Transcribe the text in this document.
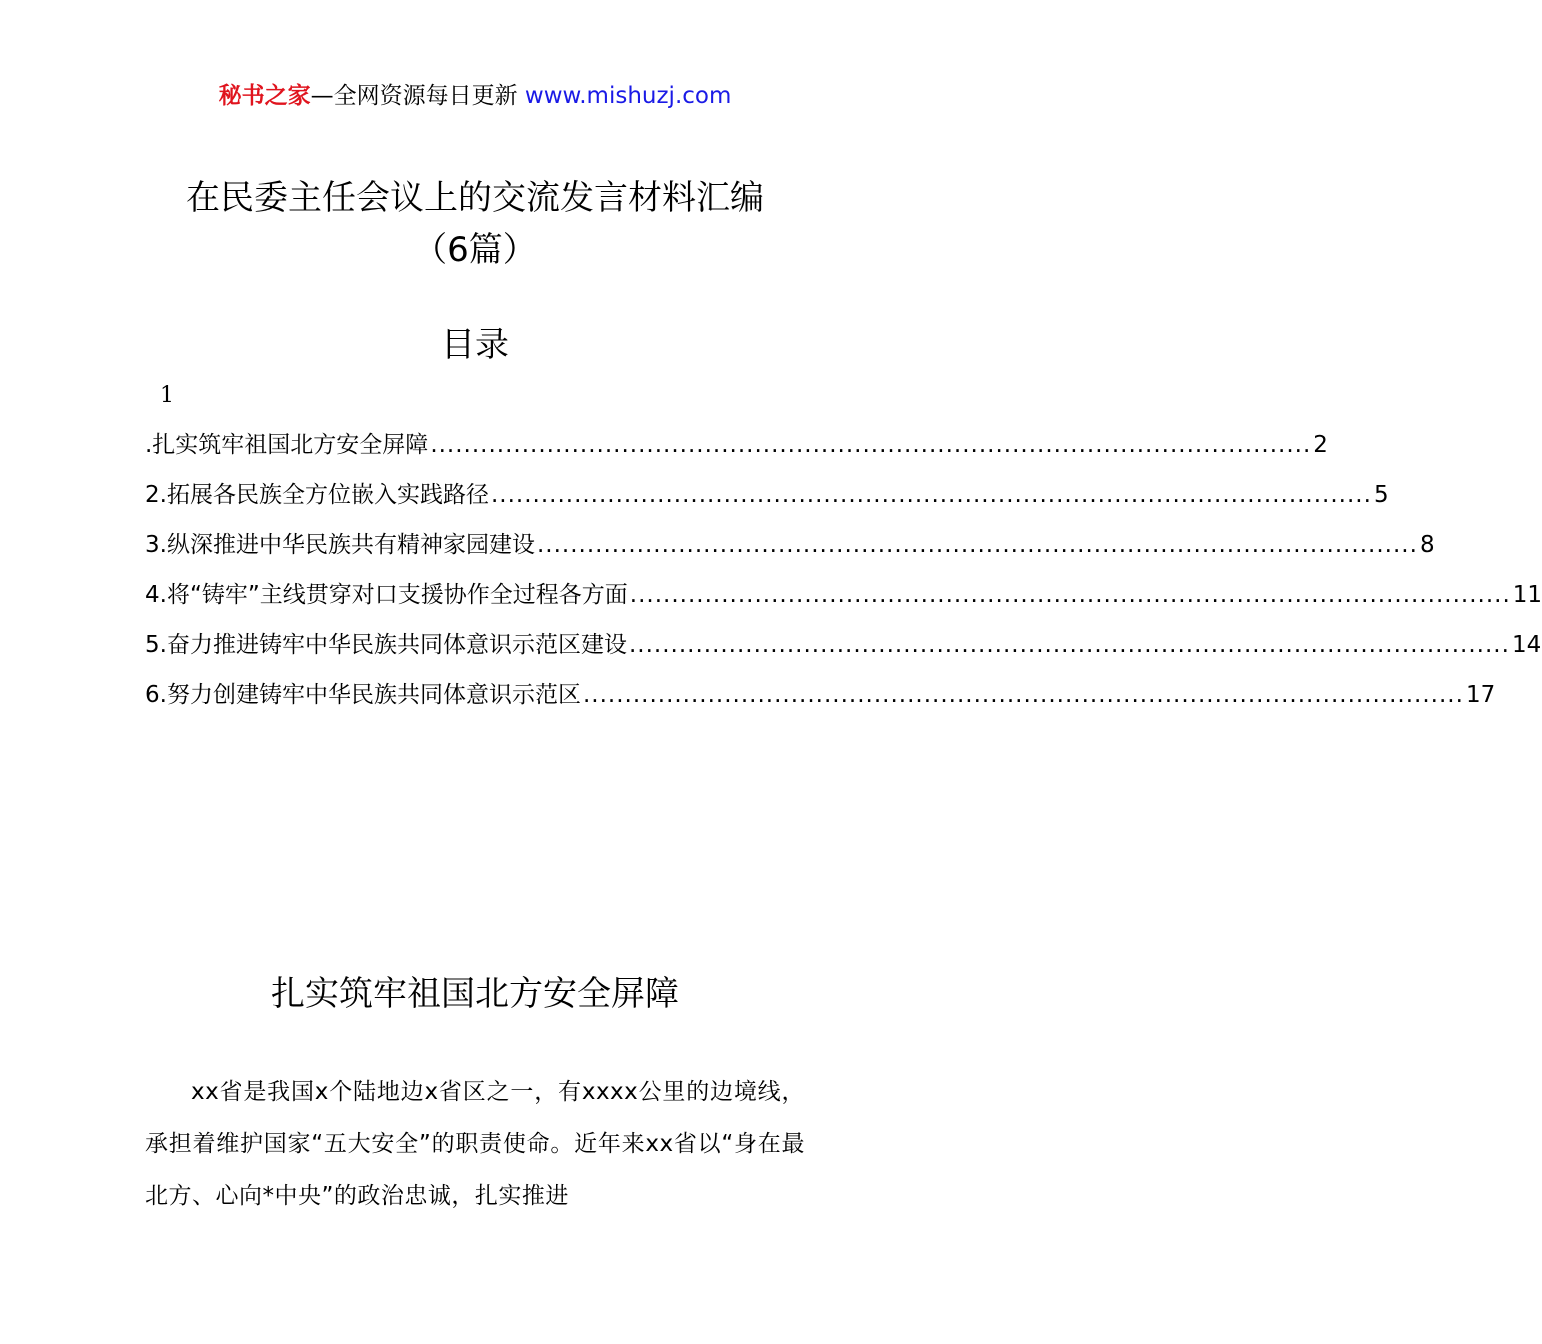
秘书之家—全网资源每日更新 www.mishuzj.com
在民委主任会议上的交流发言材料汇编
（6篇）
目录
1
.扎实筑牢祖国北方安全屏障 .......................................................................................................... 2
2.拓展各民族全方位嵌入实践路径 .......................................................................................................... 5
3.纵深推进中华民族共有精神家园建设 .......................................................................................................... 8
4.将“铸牢”主线贯穿对口支援协作全过程各方面 .......................................................................................................... 11
5.奋力推进铸牢中华民族共同体意识示范区建设 .......................................................................................................... 14
6.努力创建铸牢中华民族共同体意识示范区 .......................................................................................................... 17
扎实筑牢祖国北方安全屏障
xx省是我国x个陆地边x省区之一，有xxxx公里的边境线，承担着维护国家“五大安全”的职责使命。近年来xx省以“身在最北方、心向*中央”的政治忠诚，扎实推进
